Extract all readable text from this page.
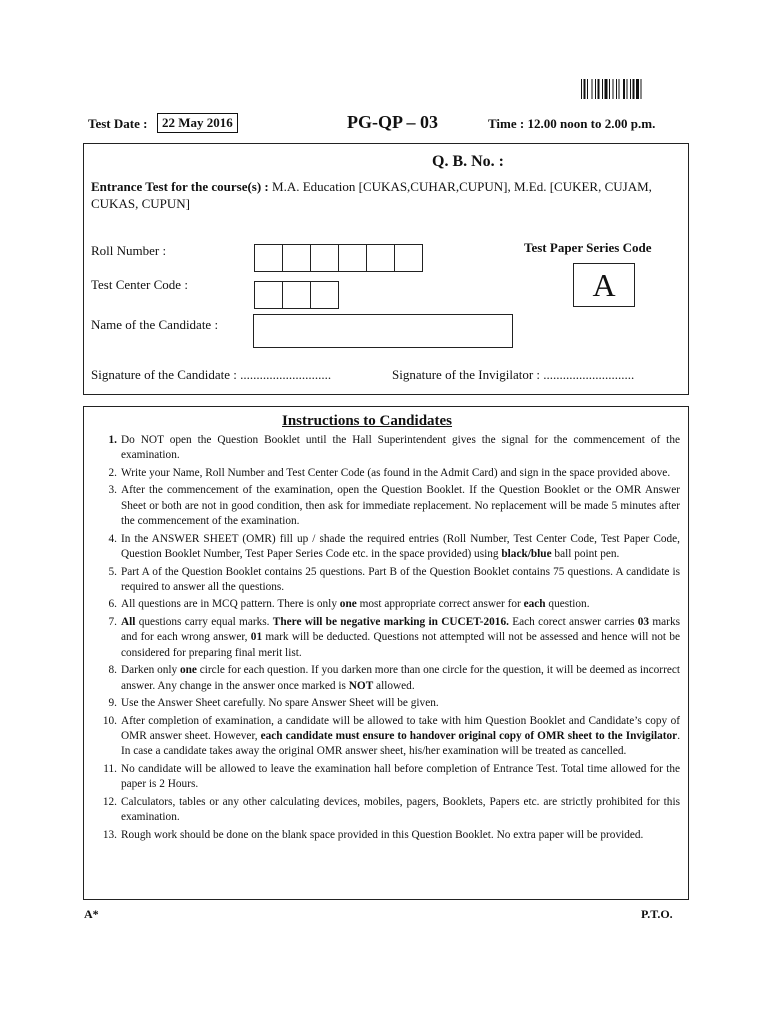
Test Date :	22 May 2016	PG-QP – 03	Time : 12.00 noon to 2.00 p.m.
Q. B. No. :
Entrance Test for the course(s) : M.A. Education [CUKAS,CUHAR,CUPUN], M.Ed. [CUKER, CUJAM, CUKAS, CUPUN]
Roll Number :
Test Center Code :
Name of the Candidate :
Test Paper Series Code
A
Signature of the Candidate : ............................	Signature of the Invigilator : ............................
Instructions to Candidates
1. Do NOT open the Question Booklet until the Hall Superintendent gives the signal for the commencement of the examination.
2. Write your Name, Roll Number and Test Center Code (as found in the Admit Card) and sign in the space provided above.
3. After the commencement of the examination, open the Question Booklet. If the Question Booklet or the OMR Answer Sheet or both are not in good condition, then ask for immediate replacement. No replacement will be made 5 minutes after the commencement of the examination.
4. In the ANSWER SHEET (OMR) fill up / shade the required entries (Roll Number, Test Center Code, Test Paper Code, Question Booklet Number, Test Paper Series Code etc. in the space provided) using black/blue ball point pen.
5. Part A of the Question Booklet contains 25 questions. Part B of the Question Booklet contains 75 questions. A candidate is required to answer all the questions.
6. All questions are in MCQ pattern. There is only one most appropriate correct answer for each question.
7. All questions carry equal marks. There will be negative marking in CUCET-2016. Each corect answer carries 03 marks and for each wrong answer, 01 mark will be deducted. Questions not attempted will not be assessed and hence will not be considered for preparing final merit list.
8. Darken only one circle for each question. If you darken more than one circle for the question, it will be deemed as incorrect answer. Any change in the answer once marked is NOT allowed.
9. Use the Answer Sheet carefully. No spare Answer Sheet will be given.
10. After completion of examination, a candidate will be allowed to take with him Question Booklet and Candidate’s copy of OMR answer sheet. However, each candidate must ensure to handover original copy of OMR sheet to the Invigilator. In case a candidate takes away the original OMR answer sheet, his/her examination will be treated as cancelled.
11. No candidate will be allowed to leave the examination hall before completion of Entrance Test. Total time allowed for the paper is 2 Hours.
12. Calculators, tables or any other calculating devices, mobiles, pagers, Booklets, Papers etc. are strictly prohibited for this examination.
13. Rough work should be done on the blank space provided in this Question Booklet. No extra paper will be provided.
A*	P.T.O.
